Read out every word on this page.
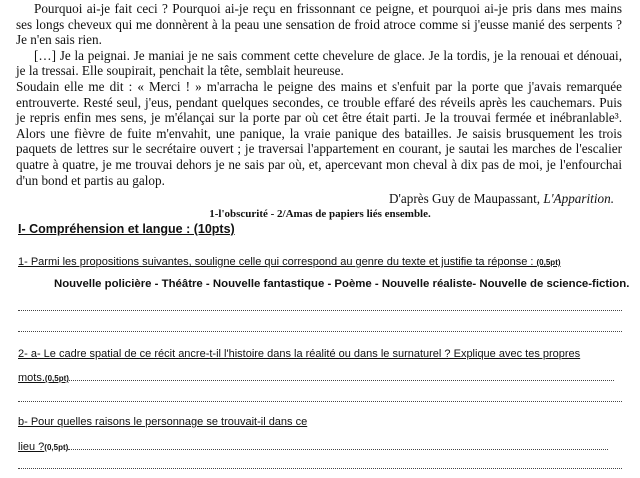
Pourquoi ai-je fait ceci ? Pourquoi ai-je reçu en frissonnant ce peigne, et pourquoi ai-je pris dans mes mains ses longs cheveux qui me donnèrent à la peau une sensation de froid atroce comme si j'eusse manié des serpents ? Je n'en sais rien.

[…] Je la peignai. Je maniai je ne sais comment cette chevelure de glace. Je la tordis, je la renouai et dénouai, je la tressai. Elle soupirait, penchait la tête, semblait heureuse.

Soudain elle me dit : « Merci ! » m'arracha le peigne des mains et s'enfuit par la porte que j'avais remarquée entrouverte. Resté seul, j'eus, pendant quelques secondes, ce trouble effaré des réveils après les cauchemars. Puis je repris enfin mes sens, je m'élançai sur la porte par où cet être était parti. Je la trouvai fermée et inébranlable³. Alors une fièvre de fuite m'envahit, une panique, la vraie panique des batailles. Je saisis brusquement les trois paquets de lettres sur le secrétaire ouvert ; je traversai l'appartement en courant, je sautai les marches de l'escalier quatre à quatre, je me trouvai dehors je ne sais par où, et, apercevant mon cheval à dix pas de moi, je l'enfourchai d'un bond et partis au galop.

D'après Guy de Maupassant, L'Apparition.
1-l'obscurité - 2/Amas de papiers liés ensemble.
I- Compréhension et langue : (10pts)
1- Parmi les propositions suivantes, souligne celle qui correspond au genre du texte et justifie ta réponse : (0,5pt)
Nouvelle policière - Théâtre - Nouvelle fantastique - Poème - Nouvelle réaliste- Nouvelle de science-fiction.
2- a- Le cadre spatial de ce récit ancre-t-il l'histoire dans la réalité ou dans le surnaturel ? Explique avec tes propres
mots.(0,5pt)
b- Pour quelles raisons le personnage se trouvait-il dans ce
lieu ?(0,5pt)
